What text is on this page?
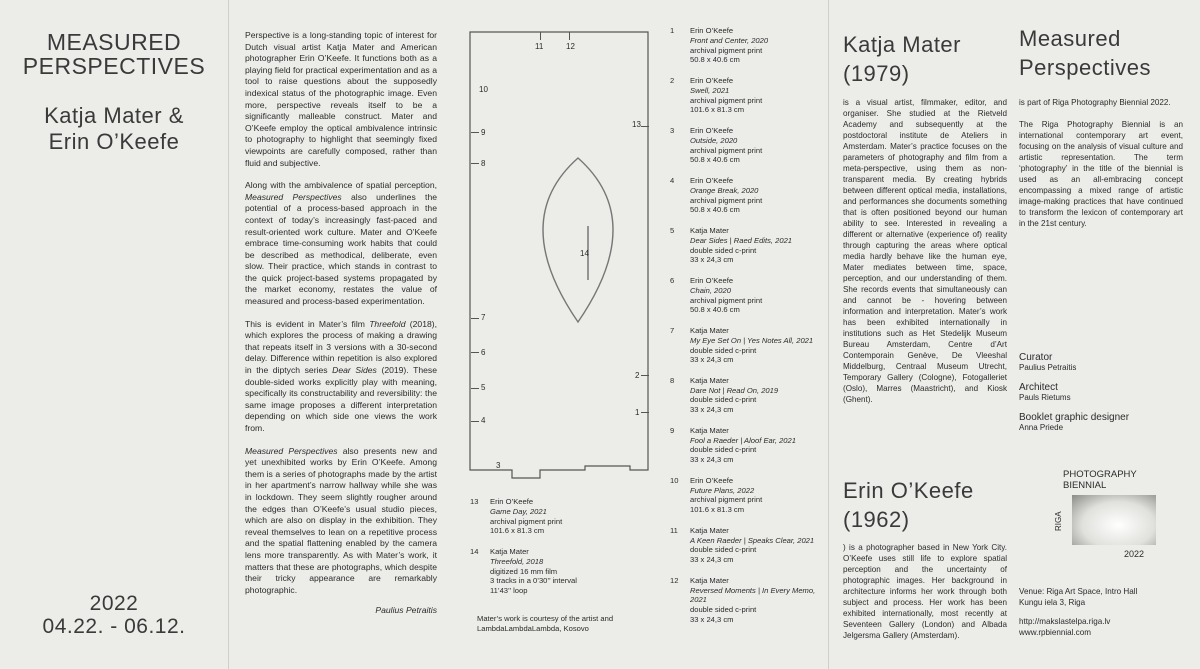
MEASURED
PERSPECTIVES
Katja Mater &
Erin O’Keefe
2022
04.22. - 06.12.

Perspective is a long-standing topic of interest for Dutch visual artist Katja Mater and American photographer Erin O’Keefe. It functions both as a playing field for practical experimentation and as a tool to raise questions about the supposedly indexical status of the photographic image. Even more, perspective reveals itself to be a significantly malleable construct. Mater and O’Keefe employ the optical ambivalence intrinsic to photography to highlight that seemingly fixed viewpoints are carefully composed, rather than fluid and subjective.

Along with the ambivalence of spatial perception, Measured Perspectives also underlines the potential of a process-based approach in the context of today’s increasingly fast-paced and result-oriented work culture. Mater and O’Keefe embrace time-consuming work habits that could be described as methodical, deliberate, even slow. Their practice, which stands in contrast to the quick project-based systems propagated by the market economy, restates the value of measured and process-based experimentation.

This is evident in Mater’s film Threefold (2018), which explores the process of making a drawing that repeats itself in 3 versions with a 30-second delay. Difference within repetition is also explored in the diptych series Dear Sides (2019). These double-sided works explicitly play with meaning, specifically its constructability and reversibility: the same image proposes a different interpretation depending on which side one views the work from.

Measured Perspectives also presents new and yet unexhibited works by Erin O’Keefe. Among them is a series of photographs made by the artist in her apartment’s narrow hallway while she was in lockdown. They seem slightly rougher around the edges than O’Keefe’s usual studio pieces, which are also on display in the exhibition. They reveal themselves to lean on a repetitive process and the spatial flattening enabled by the camera lens more transparently. As with Mater’s work, it matters that these are photographs, which despite their tricky appearance are remarkably photographic.

Paulius Petraitis
1
2
3
4
5
6
7
8
9
10
11	12
13
14
13 Erin O’Keefe
Game Day, 2021
archival pigment print
101.6 x 81.3 cm
14 Katja Mater
Threefold, 2018
digitized 16 mm film
3 tracks in a 0’30’’ interval
11’43’’ loop
Mater’s work is courtesy of the artist and LambdaLambdaLambda, Kosovo
1 Erin O’Keefe
Front and Center, 2020
archival pigment print
50.8 x 40.6 cm
2 Erin O’Keefe
Swell, 2021
archival pigment print
101.6 x 81.3 cm
3 Erin O’Keefe
Outside, 2020
archival pigment print
50.8 x 40.6 cm
4 Erin O’Keefe
Orange Break, 2020
archival pigment print
50.8 x 40.6 cm
5 Katja Mater
Dear Sides | Raed Edits, 2021
double sided c-print
33 x 24,3 cm
6 Erin O’Keefe
Chain, 2020
archival pigment print
50.8 x 40.6 cm
7 Katja Mater
My Eye Set On | Yes Notes All, 2021
double sided c-print
33 x 24,3 cm
8 Katja Mater
Dare Not | Read On, 2019
double sided c-print
33 x 24,3 cm
9 Katja Mater
Fool a Raeder | Aloof Ear, 2021
double sided c-print
33 x 24,3 cm
10 Erin O’Keefe
Future Plans, 2022
archival pigment print
101.6 x 81.3 cm
11 Katja Mater
A Keen Raeder | Speaks Clear, 2021
double sided c-print
33 x 24,3 cm
12 Katja Mater
Reversed Moments | In Every Memo, 2021
double sided c-print
33 x 24,3 cm
Katja Mater
(1979)
is a visual artist, filmmaker, editor, and organiser. She studied at the Rietveld Academy and subsequently at the postdoctoral institute de Ateliers in Amsterdam. Mater’s practice focuses on the parameters of photography and film from a meta-perspective, using them as non-transparent media. By creating hybrids between different optical media, installations, and performances she documents something that is often positioned beyond our human ability to see. Interested in revealing a different or alternative (experience of) reality through capturing the areas where optical media hardly behave like the human eye, Mater mediates between time, space, perception, and our understanding of them. She records events that simultaneously can and cannot be - hovering between information and interpretation. Mater’s work has been exhibited internationally in institutions such as Het Stedelijk Museum Bureau Amsterdam, Centre d’Art Contemporain Genève, De Vleeshal Middelburg, Centraal Museum Utrecht, Temporary Gallery (Cologne), Fotogalleriet (Oslo), Marres (Maastricht), and Kiosk (Ghent).
Erin O’Keefe
(1962)
) is a photographer based in New York City. O’Keefe uses still life to explore spatial perception and the uncertainty of photographic images. Her background in architecture informs her work through both subject and process. Her work has been exhibited internationally, most recently at Seventeen Gallery (London) and Albada Jelgersma Gallery (Amsterdam).
Measured
Perspectives
is part of Riga Photography Biennial 2022.
The Riga Photography Biennial is an international contemporary art event, focusing on the analysis of visual culture and artistic representation. The term ‘photography’ in the title of the biennial is used as an all-embracing concept encompassing a mixed range of artistic image-making practices that have continued to transform the lexicon of contemporary art in the 21st century.
Curator
Paulius Petraitis
Architect
Pauls Rietums
Booklet graphic designer
Anna Priede
PHOTOGRAPHY
BIENNIAL
RIGA
2022
Venue: Riga Art Space, Intro Hall
Kungu iela 3, Riga
http://makslastelpa.riga.lv
www.rpbiennial.com
